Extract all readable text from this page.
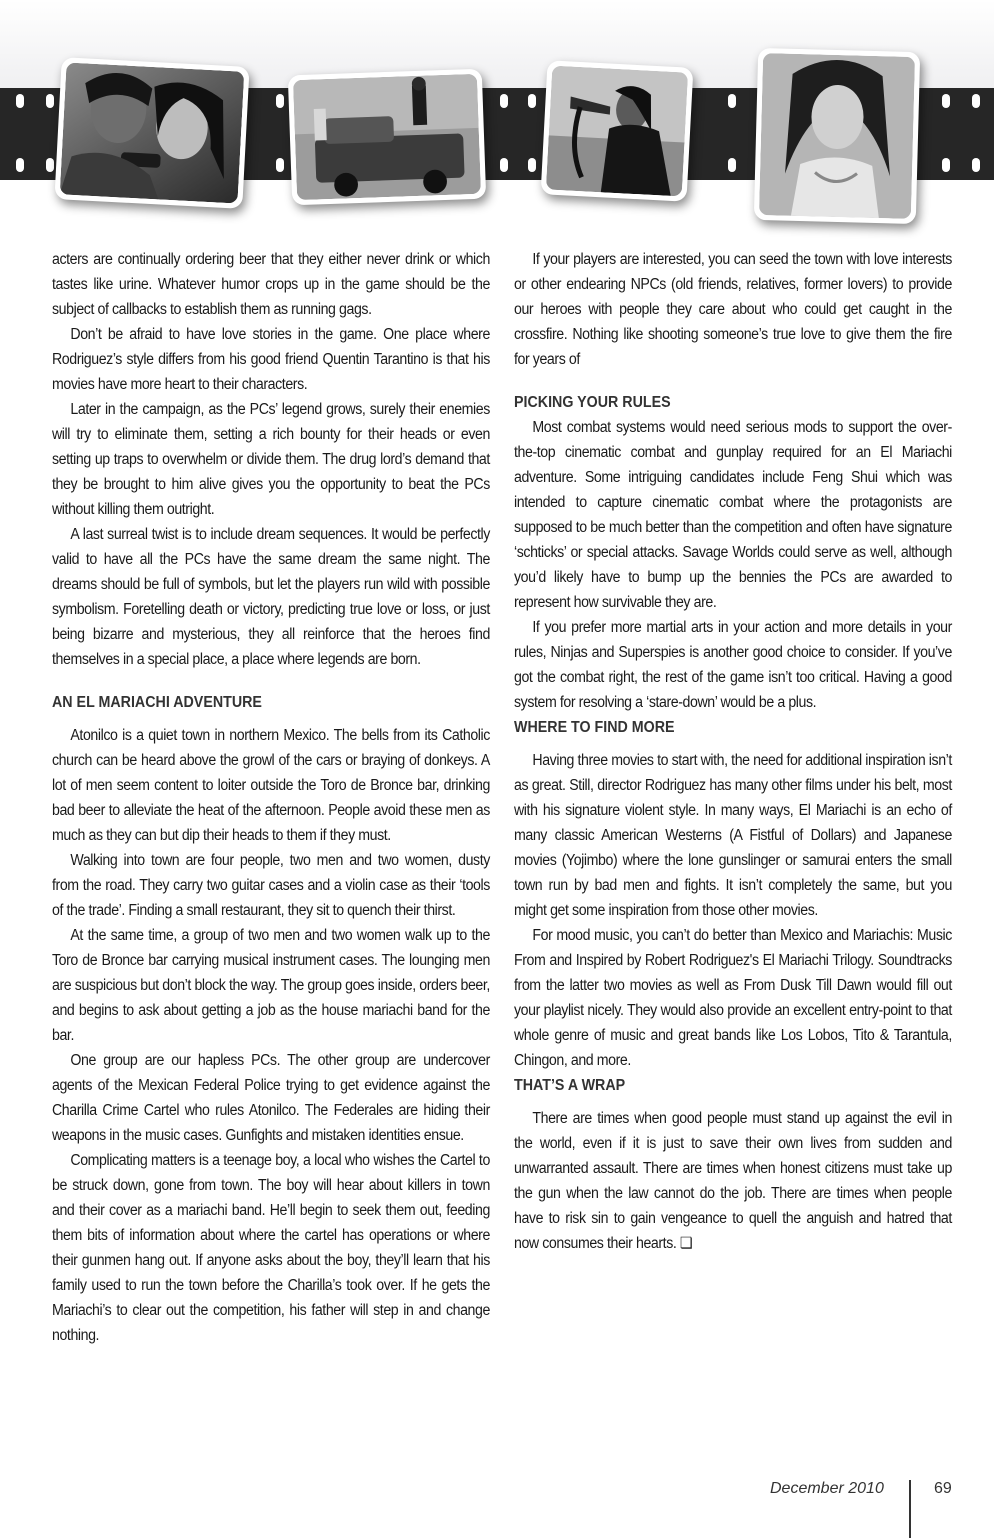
acters are continually ordering beer that they either never drink or which tastes like urine. Whatever humor crops up in the game should be the subject of callbacks to establish them as running gags.

Don’t be afraid to have love stories in the game. One place where Rodriguez’s style differs from his good friend Quentin Tarantino is that his movies have more heart to their characters.

Later in the campaign, as the PCs’ legend grows, surely their enemies will try to eliminate them, setting a rich bounty for their heads or even setting up traps to overwhelm or divide them. The drug lord’s demand that they be brought to him alive gives you the opportunity to beat the PCs without killing them outright.

A last surreal twist is to include dream sequences. It would be perfectly valid to have all the PCs have the same dream the same night. The dreams should be full of symbols, but let the players run wild with possible symbolism. Foretelling death or victory, predicting true love or loss, or just being bizarre and mysterious, they all reinforce that the heroes find themselves in a special place, a place where legends are born.

AN EL MARIACHI ADVENTURE

Atonilco is a quiet town in northern Mexico. The bells from its Catholic church can be heard above the growl of the cars or braying of donkeys. A lot of men seem content to loiter outside the Toro de Bronce bar, drinking bad beer to alleviate the heat of the afternoon. People avoid these men as much as they can but dip their heads to them if they must.

Walking into town are four people, two men and two women, dusty from the road. They carry two guitar cases and a violin case as their ‘tools of the trade’. Finding a small restaurant, they sit to quench their thirst.

At the same time, a group of two men and two women walk up to the Toro de Bronce bar carrying musical instrument cases. The lounging men are suspicious but don’t block the way. The group goes inside, orders beer, and begins to ask about getting a job as the house mariachi band for the bar.

One group are our hapless PCs. The other group are undercover agents of the Mexican Federal Police trying to get evidence against the Charilla Crime Cartel who rules Atonilco. The Federales are hiding their weapons in the music cases. Gunfights and mistaken identities ensue.

Complicating matters is a teenage boy, a local who wishes the Cartel to be struck down, gone from town. The boy will hear about killers in town and their cover as a mariachi band. He’ll begin to seek them out, feeding them bits of information about where the cartel has operations or where their gunmen hang out. If anyone asks about the boy, they’ll learn that his family used to run the town before the Charilla’s took over. If he gets the Mariachi’s to clear out the competition, his father will step in and change nothing.

If your players are interested, you can seed the town with love interests or other endearing NPCs (old friends, relatives, former lovers) to provide our heroes with people they care about who could get caught in the crossfire. Nothing like shooting someone’s true love to give them the fire for years of

PICKING YOUR RULES

Most combat systems would need serious mods to support the over-the-top cinematic combat and gunplay required for an El Mariachi adventure. Some intriguing candidates include Feng Shui which was intended to capture cinematic combat where the protagonists are supposed to be much better than the competition and often have signature ‘schticks’ or special attacks. Savage Worlds could serve as well, although you’d likely have to bump up the bennies the PCs are awarded to represent how survivable they are.

If you prefer more martial arts in your action and more details in your rules, Ninjas and Superspies is another good choice to consider. If you’ve got the combat right, the rest of the game isn’t too critical. Having a good system for resolving a ‘stare-down’ would be a plus.

WHERE TO FIND MORE

Having three movies to start with, the need for additional inspiration isn’t as great. Still, director Rodriguez has many other films under his belt, most with his signature violent style. In many ways, El Mariachi is an echo of many classic American Westerns (A Fistful of Dollars) and Japanese movies (Yojimbo) where the lone gunslinger or samurai enters the small town run by bad men and fights. It isn’t completely the same, but you might get some inspiration from those other movies.

For mood music, you can’t do better than Mexico and Mariachis: Music From and Inspired by Robert Rodriguez's El Mariachi Trilogy. Soundtracks from the latter two movies as well as From Dusk Till Dawn would fill out your playlist nicely. They would also provide an excellent entry-point to that whole genre of music and great bands like Los Lobos, Tito & Tarantula, Chingon, and more.

THAT’S A WRAP

There are times when good people must stand up against the evil in the world, even if it is just to save their own lives from sudden and unwarranted assault. There are times when honest citizens must take up the gun when the law cannot do the job. There are times when people have to risk sin to gain vengeance to quell the anguish and hatred that now consumes their hearts. ❏

December 2010	69
